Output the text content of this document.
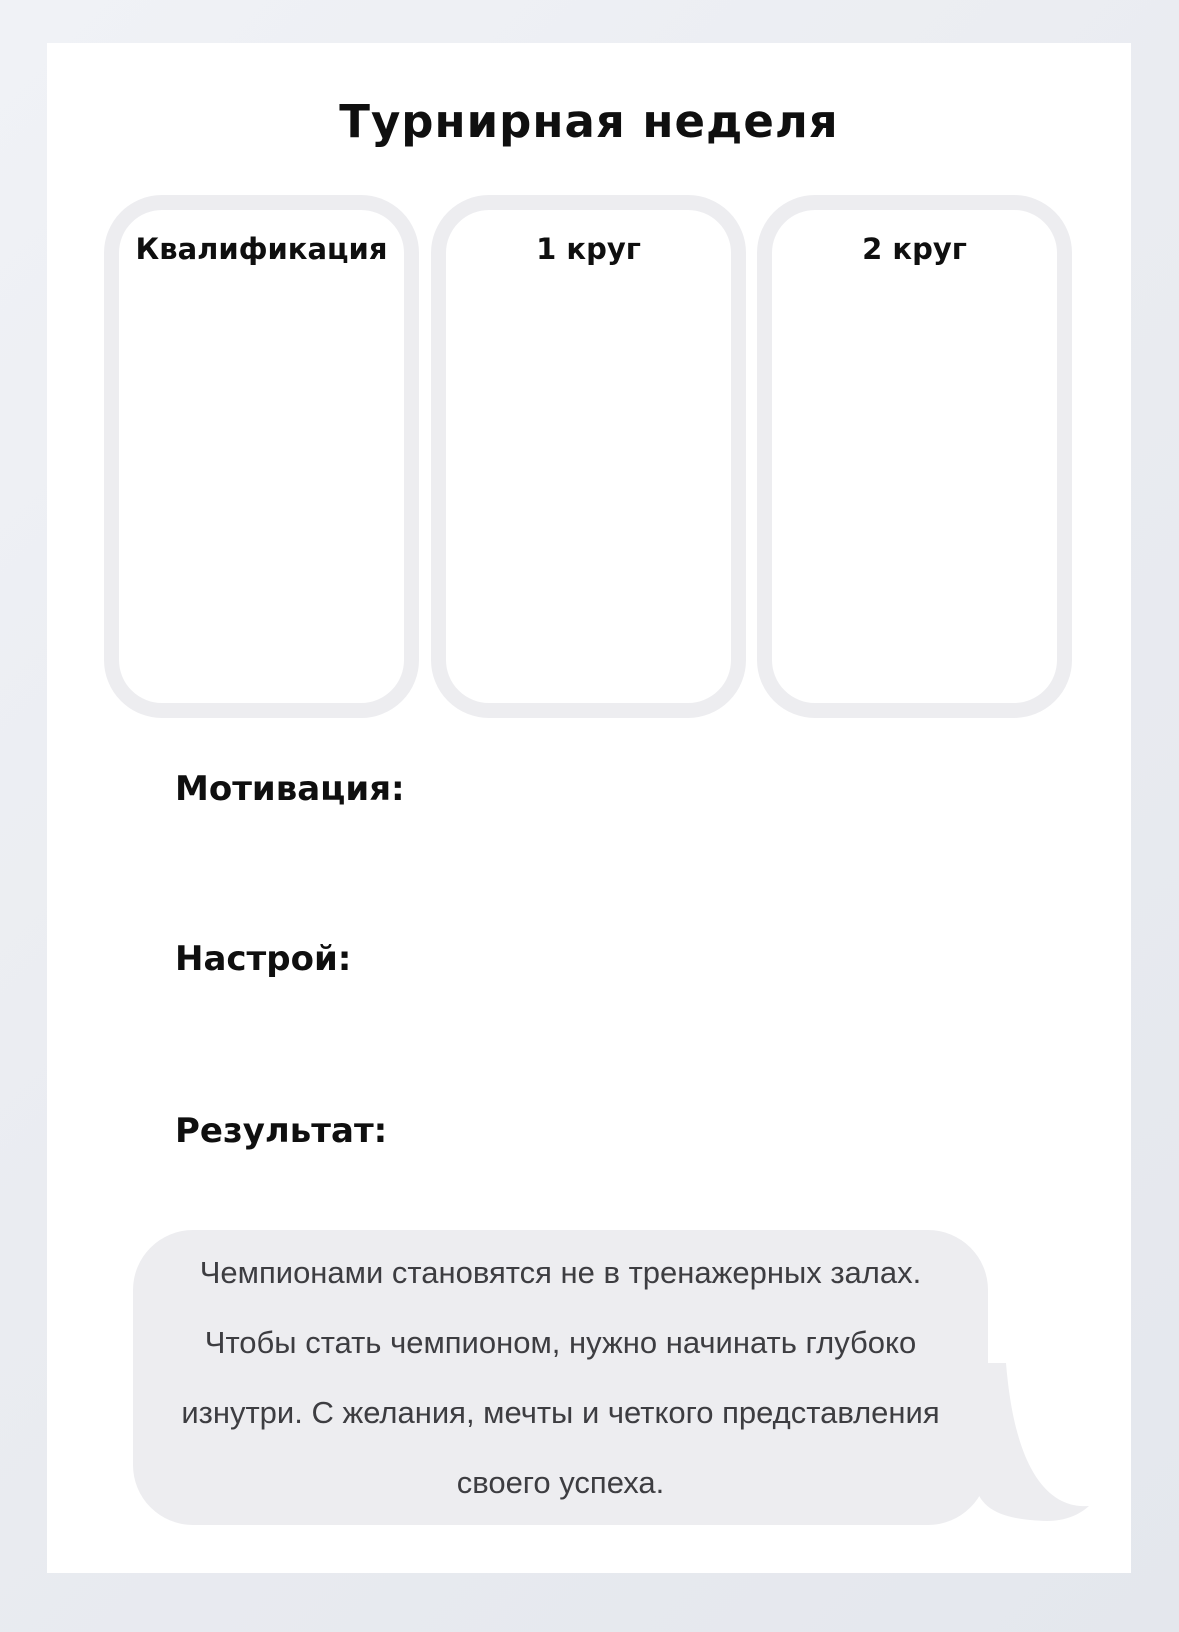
Турнирная неделя
Квалификация	1 круг	2 круг
Мотивация:
Настрой:
Результат:
Чемпионами становятся не в тренажерных залах.
Чтобы стать чемпионом, нужно начинать глубоко
изнутри. С желания, мечты и четкого представления
своего успеха.
